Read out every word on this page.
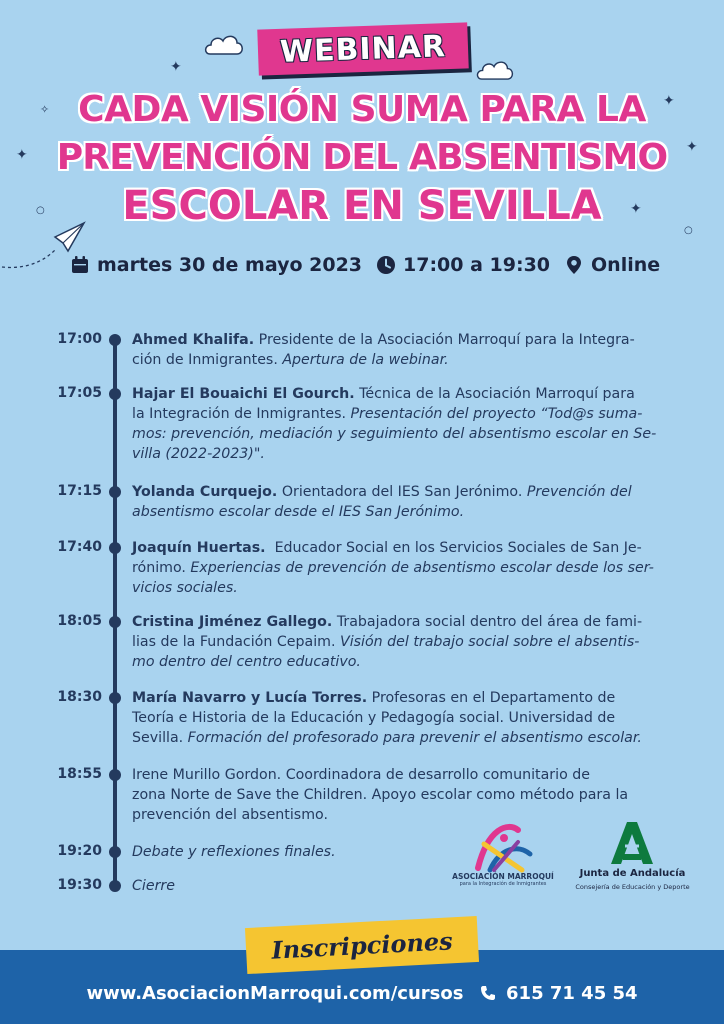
✦
✧
✦
○
✦
✦
✦
○
WEBINAR
CADA VISIÓN SUMA PARA LA
PREVENCIÓN DEL ABSENTISMO
ESCOLAR EN SEVILLA
martes 30 de mayo 2023 17:00 a 19:30 Online
17:00 Ahmed Khalifa. Presidente de la Asociación Marroquí para la Integra-
ción de Inmigrantes. Apertura de la webinar.
17:05 Hajar El Bouaichi El Gourch. Técnica de la Asociación Marroquí para
la Integración de Inmigrantes. Presentación del proyecto “Tod@s suma-
mos: prevención, mediación y seguimiento del absentismo escolar en Se-
villa (2022-2023)".
17:15 Yolanda Curquejo. Orientadora del IES San Jerónimo. Prevención del
absentismo escolar desde el IES San Jerónimo.
17:40 Joaquín Huertas.  Educador Social en los Servicios Sociales de San Je-
rónimo. Experiencias de prevención de absentismo escolar desde los ser-
vicios sociales.
18:05 Cristina Jiménez Gallego. Trabajadora social dentro del área de fami-
lias de la Fundación Cepaim. Visión del trabajo social sobre el absentis-
mo dentro del centro educativo.
18:30 María Navarro y Lucía Torres. Profesoras en el Departamento de
Teoría e Historia de la Educación y Pedagogía social. Universidad de
Sevilla. Formación del profesorado para prevenir el absentismo escolar.
18:55 Irene Murillo Gordon. Coordinadora de desarrollo comunitario de
zona Norte de Save the Children. Apoyo escolar como método para la
prevención del absentismo.
19:20 Debate y reflexiones finales.
19:30 Cierre
ASOCIACIÓN MARROQUÍ
para la Integración de Inmigrantes
Junta de Andalucía
Consejería de Educación y Deporte
Inscripciones
www.AsociacionMarroqui.com/cursos 615 71 45 54
